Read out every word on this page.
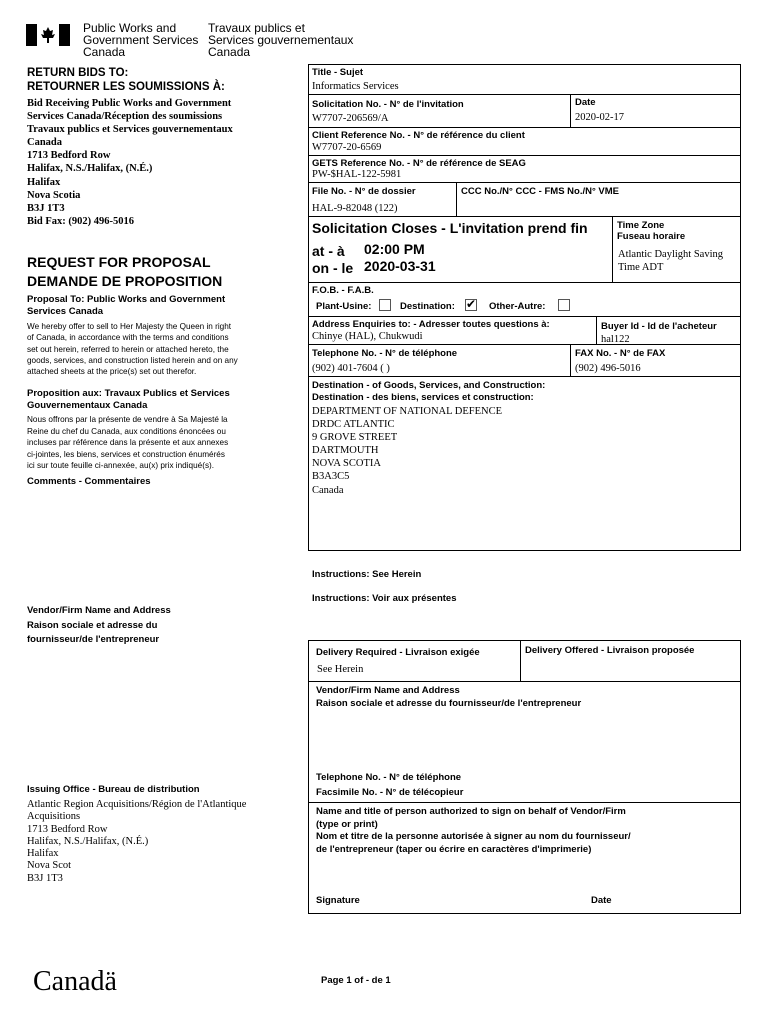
Public Works and
Government Services
Canada
Travaux publics et
Services gouvernementaux
Canada
RETURN BIDS TO:
RETOURNER LES SOUMISSIONS À:
Bid Receiving Public Works and Government
Services Canada/Réception des soumissions
Travaux publics et Services gouvernementaux
Canada
1713 Bedford Row
Halifax, N.S./Halifax, (N.É.)
Halifax
Nova Scotia
B3J 1T3
Bid Fax: (902) 496-5016
REQUEST FOR PROPOSAL
DEMANDE DE PROPOSITION
Proposal To: Public Works and Government
Services Canada
We hereby offer to sell to Her Majesty the Queen in right
of Canada, in accordance with the terms and conditions
set out herein, referred to herein or attached hereto, the
goods, services, and construction listed herein and on any
attached sheets at the price(s) set out therefor.
Proposition aux: Travaux Publics et Services
Gouvernementaux Canada
Nous offrons par la présente de vendre à Sa Majesté la
Reine du chef du Canada, aux conditions énoncées ou
incluses par référence dans la présente et aux annexes
ci-jointes, les biens, services et construction énumérés
ici sur toute feuille ci-annexée, au(x) prix indiqué(s).
Comments - Commentaires
Vendor/Firm Name and Address
Raison sociale et adresse du
fournisseur/de l'entrepreneur
Issuing Office - Bureau de distribution
Atlantic Region Acquisitions/Région de l'Atlantique
Acquisitions
1713 Bedford Row
Halifax, N.S./Halifax, (N.É.)
Halifax
Nova Scot
B3J 1T3
Title - Sujet
Informatics Services
Solicitation No. - N° de l'invitation
W7707-206569/A
Date
2020-02-17
Client Reference No. - N° de référence du client
W7707-20-6569
GETS Reference No. - N° de référence de SEAG
PW-$HAL-122-5981
File No. - N° de dossier
HAL-9-82048 (122)
CCC No./N° CCC - FMS No./N° VME
Solicitation Closes - L'invitation prend fin
at - à 02:00 PM
on - le 2020-03-31
Time Zone
Fuseau horaire
Atlantic Daylight Saving
Time ADT
F.O.B. - F.A.B.
Plant-Usine:	Destination: ✔ Other-Autre:
Address Enquiries to: - Adresser toutes questions à:
Chinye (HAL), Chukwudi
Buyer Id - Id de l'acheteur
hal122
Telephone No. - N° de téléphone
(902) 401-7604 ( )
FAX No. - N° de FAX
(902) 496-5016
Destination - of Goods, Services, and Construction:
Destination - des biens, services et construction:
DEPARTMENT OF NATIONAL DEFENCE
DRDC ATLANTIC
9 GROVE STREET
DARTMOUTH
NOVA SCOTIA
B3A3C5
Canada
Instructions: See Herein
Instructions: Voir aux présentes
Delivery Required - Livraison exigée
See Herein
Delivery Offered - Livraison proposée
Vendor/Firm Name and Address
Raison sociale et adresse du fournisseur/de l'entrepreneur
Telephone No. - N° de téléphone
Facsimile No. - N° de télécopieur
Name and title of person authorized to sign on behalf of Vendor/Firm
(type or print)
Nom et titre de la personne autorisée à signer au nom du fournisseur/
de l'entrepreneur (taper ou écrire en caractères d'imprimerie)
Signature	Date
Canadä	Page 1 of - de 1
